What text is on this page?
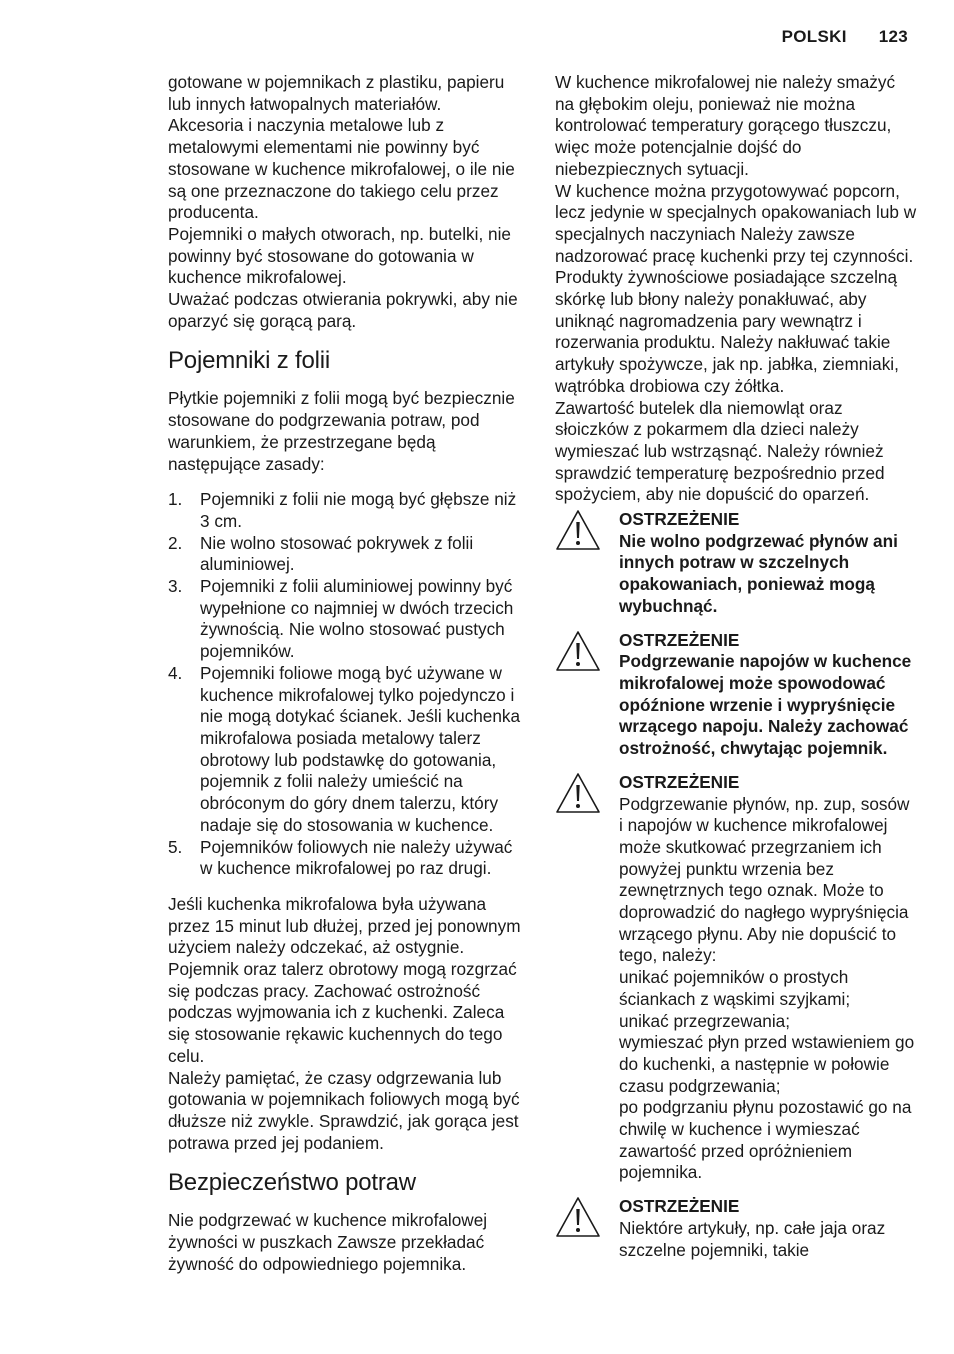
POLSKI 123

gotowane w pojemnikach z plastiku, papieru lub innych łatwopalnych materiałów.

Akcesoria i naczynia metalowe lub z metalowymi elementami nie powinny być stosowane w kuchence mikrofalowej, o ile nie są one przeznaczone do takiego celu przez producenta.

Pojemniki o małych otworach, np. butelki, nie powinny być stosowane do gotowania w kuchence mikrofalowej.

Uważać podczas otwierania pokrywki, aby nie oparzyć się gorącą parą.

Pojemniki z folii

Płytkie pojemniki z folii mogą być bezpiecznie stosowane do podgrzewania potraw, pod warunkiem, że przestrzegane będą następujące zasady:

1. Pojemniki z folii nie mogą być głębsze niż 3 cm.
2. Nie wolno stosować pokrywek z folii aluminiowej.
3. Pojemniki z folii aluminiowej powinny być wypełnione co najmniej w dwóch trzecich żywnością. Nie wolno stosować pustych pojemników.
4. Pojemniki foliowe mogą być używane w kuchence mikrofalowej tylko pojedynczo i nie mogą dotykać ścianek. Jeśli kuchenka mikrofalowa posiada metalowy talerz obrotowy lub podstawkę do gotowania, pojemnik z folii należy umieścić na obróconym do góry dnem talerzu, który nadaje się do stosowania w kuchence.
5. Pojemników foliowych nie należy używać w kuchence mikrofalowej po raz drugi.

Jeśli kuchenka mikrofalowa była używana przez 15 minut lub dłużej, przed jej ponownym użyciem należy odczekać, aż ostygnie.

Pojemnik oraz talerz obrotowy mogą rozgrzać się podczas pracy. Zachować ostrożność podczas wyjmowania ich z kuchenki. Zaleca się stosowanie rękawic kuchennych do tego celu.

Należy pamiętać, że czasy odgrzewania lub gotowania w pojemnikach foliowych mogą być dłuższe niż zwykle. Sprawdzić, jak gorąca jest potrawa przed jej podaniem.

Bezpieczeństwo potraw

Nie podgrzewać w kuchence mikrofalowej żywności w puszkach Zawsze przekładać żywność do odpowiedniego pojemnika.

W kuchence mikrofalowej nie należy smażyć na głębokim oleju, ponieważ nie można kontrolować temperatury gorącego tłuszczu, więc może potencjalnie dojść do niebezpiecznych sytuacji.

W kuchence można przygotowywać popcorn, lecz jedynie w specjalnych opakowaniach lub w specjalnych naczyniach Należy zawsze nadzorować pracę kuchenki przy tej czynności.

Produkty żywnościowe posiadające szczelną skórkę lub błony należy ponakłuwać, aby uniknąć nagromadzenia pary wewnątrz i rozerwania produktu. Należy nakłuwać takie artykuły spożywcze, jak np. jabłka, ziemniaki, wątróbka drobiowa czy żółtka.

Zawartość butelek dla niemowląt oraz słoiczków z pokarmem dla dzieci należy wymieszać lub wstrząsnąć. Należy również sprawdzić temperaturę bezpośrednio przed spożyciem, aby nie dopuścić do oparzeń.

OSTRZEŻENIE
Nie wolno podgrzewać płynów ani innych potraw w szczelnych opakowaniach, ponieważ mogą wybuchnąć.
OSTRZEŻENIE
Podgrzewanie napojów w kuchence mikrofalowej może spowodować opóźnione wrzenie i wypryśnięcie wrzącego napoju. Należy zachować ostrożność, chwytając pojemnik.
OSTRZEŻENIE
Podgrzewanie płynów, np. zup, sosów i napojów w kuchence mikrofalowej może skutkować przegrzaniem ich powyżej punktu wrzenia bez zewnętrznych tego oznak. Może to doprowadzić do nagłego wypryśnięcia wrzącego płynu. Aby nie dopuścić to tego, należy:
unikać pojemników o prostych ściankach z wąskimi szyjkami;
unikać przegrzewania;
wymieszać płyn przed wstawieniem go do kuchenki, a następnie w połowie czasu podgrzewania;
po podgrzaniu płynu pozostawić go na chwilę w kuchence i wymieszać zawartość przed opróżnieniem pojemnika.
OSTRZEŻENIE
Niektóre artykuły, np. całe jaja oraz szczelne pojemniki, takie
